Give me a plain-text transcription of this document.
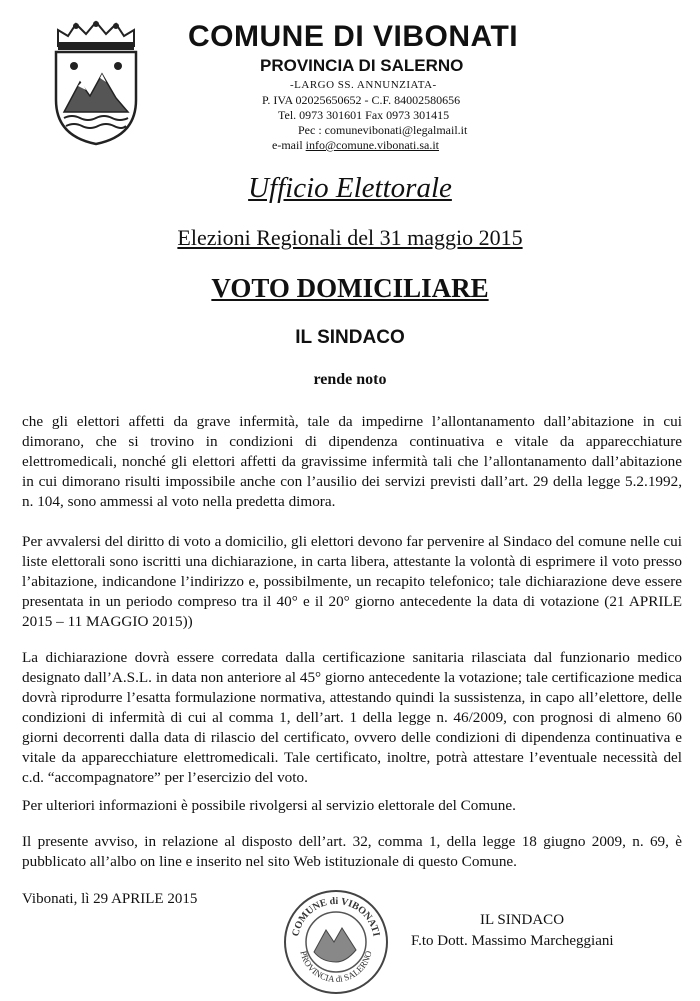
COMUNE DI VIBONATI
PROVINCIA DI SALERNO
-LARGO SS. ANNUNZIATA-
P. IVA 02025650652 - C.F. 84002580656
Tel. 0973 301601 Fax 0973 301415
Pec : comunevibonati@legalmail.it
e-mail info@comune.vibonati.sa.it
Ufficio Elettorale
Elezioni Regionali del 31 maggio 2015
VOTO DOMICILIARE
IL SINDACO
rende noto

che gli elettori affetti da grave infermità, tale da impedirne l’allontanamento dall’abitazione in cui dimorano, che si trovino in condizioni di dipendenza continuativa e vitale da apparecchiature elettromedicali, nonché gli elettori affetti da gravissime infermità tali che l’allontanamento dall’abitazione in cui dimorano risulti impossibile anche con l’ausilio dei servizi previsti dall’art. 29 della legge 5.2.1992, n. 104, sono ammessi al voto nella predetta dimora.

Per avvalersi del diritto di voto a domicilio, gli elettori devono far pervenire al Sindaco del comune nelle cui liste elettorali sono iscritti una dichiarazione, in carta libera, attestante la volontà di esprimere il voto presso l’abitazione, indicandone l’indirizzo e, possibilmente, un recapito telefonico; tale dichiarazione deve essere presentata in un periodo compreso tra il 40° e il 20° giorno antecedente la data di votazione (21 APRILE 2015 – 11 MAGGIO 2015))

La dichiarazione dovrà essere corredata dalla certificazione sanitaria rilasciata dal funzionario medico designato dall’A.S.L. in data non anteriore al 45° giorno antecedente la votazione; tale certificazione medica dovrà riprodurre l’esatta formulazione normativa, attestando quindi la sussistenza, in capo all’elettore, delle condizioni di infermità di cui al comma 1, dell’art. 1 della legge n. 46/2009, con prognosi di almeno 60 giorni decorrenti dalla data di rilascio del certificato, ovvero delle condizioni di dipendenza continuativa e vitale da apparecchiature elettromedicali. Tale certificato, inoltre, potrà attestare l’eventuale necessità del c.d. “accompagnatore” per l’esercizio del voto.

Per ulteriori informazioni è possibile rivolgersi al servizio elettorale del Comune.

Il presente avviso, in relazione al disposto dell’art. 32, comma 1, della legge 18 giugno 2009, n. 69, è pubblicato all’albo on line e inserito nel sito Web istituzionale di questo Comune.

Vibonati, lì 29 APRILE 2015
COMUNE di VIBONATI
PROVINCIA di SALERNO
IL SINDACO
F.to Dott. Massimo Marcheggiani
